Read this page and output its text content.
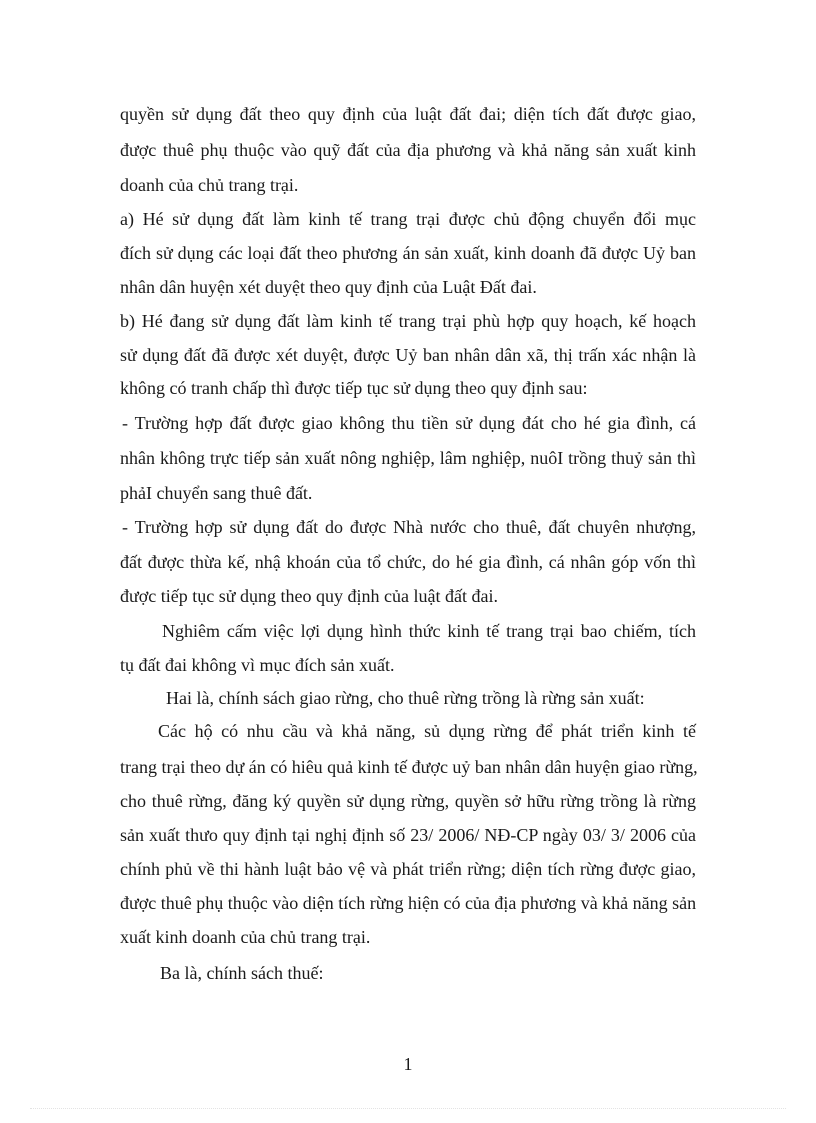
quyền sử dụng đất theo quy định của luật đất đai; diện tích đất được giao,
được thuê phụ thuộc vào quỹ đất của địa phương và khả năng sản xuất kinh
doanh của chủ trang trại.
a) Hé sử dụng đất làm kinh tế trang trại được chủ động chuyển đổi mục
đích sử dụng các loại đất theo phương án sản xuất, kinh doanh đã được Uỷ ban
nhân dân huyện xét duyệt theo quy định của Luật Đất đai.
b) Hé đang sử dụng đất làm kinh tế trang trại phù hợp quy hoạch, kế hoạch
sử dụng đất đã được xét duyệt, được Uỷ ban nhân dân xã, thị trấn xác nhận là
không có tranh chấp thì được tiếp tục sử dụng theo quy định sau:
- Trường hợp đất được giao không thu tiền sử dụng đát cho hé gia đình, cá
nhân không trực tiếp sản xuất nông nghiệp, lâm nghiệp, nuôI trồng thuỷ sản thì
phảI chuyển sang thuê đất.
- Trường hợp sử dụng đất do được Nhà nước cho thuê, đất chuyên nhượng,
đất được thừa kế, nhậ khoán của tổ chức, do hé gia đình, cá nhân góp vốn thì
được tiếp tục sử dụng theo quy định của luật đất đai.
Nghiêm cấm việc lợi dụng hình thức kinh tế trang trại bao chiếm, tích
tụ đất đai không vì mục đích sản xuất.
Hai là, chính sách giao rừng, cho thuê rừng trồng là rừng sản xuất:
Các hộ có nhu cầu và khả năng, sủ dụng rừng để phát triển kinh tế
trang trại theo dự án có hiêu quả kinh tế được uỷ ban nhân dân huyện giao rừng,
cho thuê rừng, đăng ký quyền sử dụng rừng, quyền sở hữu rừng trồng là rừng
sản xuất thưo quy định tại nghị định số 23/ 2006/ NĐ-CP ngày 03/ 3/ 2006 của
chính phủ về thi hành luật bảo vệ và phát triển rừng; diện tích rừng được giao,
được thuê phụ thuộc vào diện tích rừng hiện có của địa phương và khả năng sản
xuất kinh doanh của chủ trang trại.
Ba là, chính sách thuế:
1
